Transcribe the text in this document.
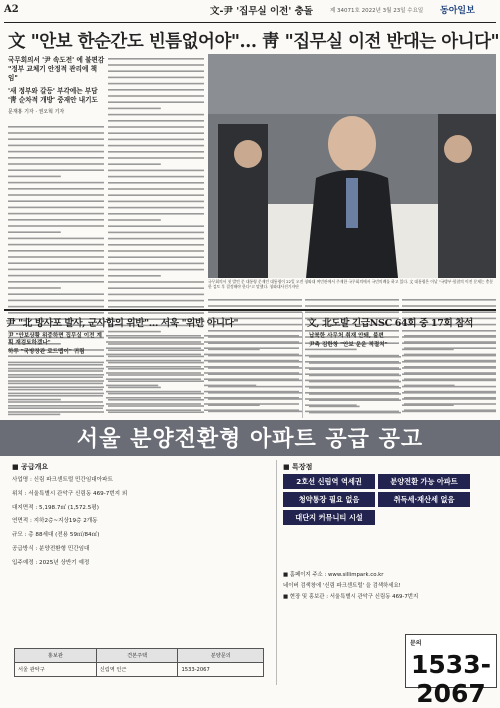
A2	文-尹 '집무실 이전' 충돌	제 34071호 2022년 3월 23일 수요일 동아일보
文 "안보 한순간도 빈틈없어야"… 靑 "집무실 이전 반대는 아니다"
국무회의서 '尹 속도전' 에 불편감
"정부 교체기 안정적 관리에 책임"
'새 정부와 갈등' 부각에는 부담
'靑 순차적 개방' 중재안 내기도
문재홍 기자 · 권오혁 기자
국무회의서 첫 발언 문 대통령 문재인 대통령이 22일 오전 청와대 여민관에서 주재한 국무회의에서 국민의례를 하고 있다. 文 대통령은 이날 "국방부·합참의 이전 문제는 충분한 검토 후 결정해야 한다"고 말했다. 청와대사진기자단
尹 "北 방사포 발사, 군사합의 위반"… 서욱 "위반 아니다"
尹 "안보상황 위중하면 집무실 이전 계획 재검토하겠나"
하루 "국방장관 로드맵이" 귀띔
文, 北도발 긴급NSC 64회 중 17회 참석
납북한 사무처 취재 안돼, 불편
尹측 김한창 "안보 운운 적절치"
서울 분양전환형 아파트 공급 공고
■ 공급개요
사업명 : 신림 파크센트럴 민간임대아파트
위치 : 서울특별시 관악구 신림동 469-7번지 외
대지면적 : 5,198.7㎡ (1,572.5평)
연면적 : 지하2층~지상19층 2개동
규모 : 총 88세대 (전용 59㎡/84㎡)
공급방식 : 분양전환형 민간임대
입주예정 : 2025년 상반기 예정
홍보관	견본주택	분양문의
서울 관악구	신림역 인근	1533-2067
■ 특장점
2호선 신림역 역세권	분양전환 가능 아파트
청약통장 필요 없음	취득세·재산세 없음
대단지 커뮤니티 시설
■ 홈페이지 주소 : www.sillimpark.co.kr
네이버 검색창에 '신림 파크센트럴' 을 검색하세요!
■ 현장 및 홍보관 : 서울특별시 관악구 신림동 469-7번지
문의
1533-2067
